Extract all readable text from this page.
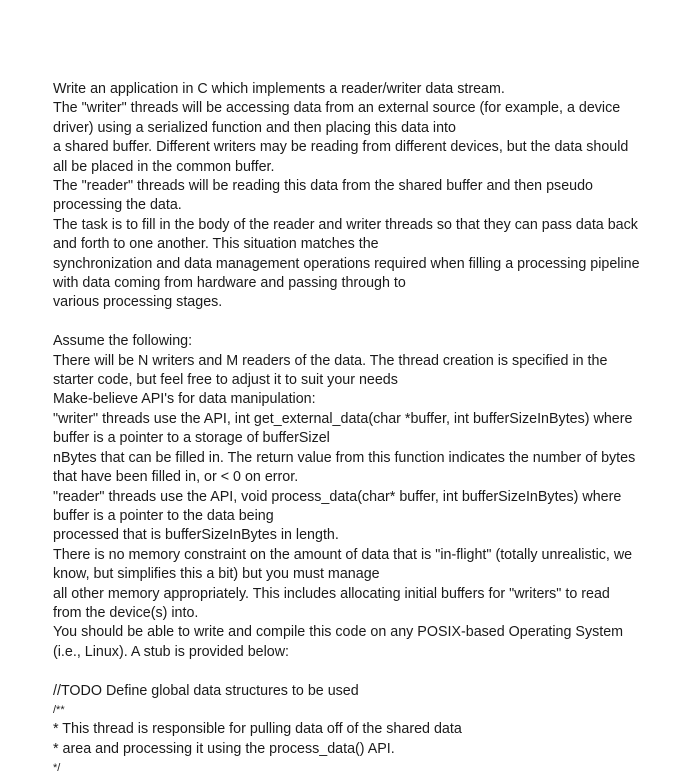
Write an application in C which implements a reader/writer data stream.
The "writer" threads will be accessing data from an external source (for example, a device
driver) using a serialized function and then placing this data into
a shared buffer. Different writers may be reading from different devices, but the data should
all be placed in the common buffer.
The "reader" threads will be reading this data from the shared buffer and then pseudo
processing the data.
The task is to fill in the body of the reader and writer threads so that they can pass data back
and forth to one another. This situation matches the
synchronization and data management operations required when filling a processing pipeline
with data coming from hardware and passing through to
various processing stages.
Assume the following:
There will be N writers and M readers of the data. The thread creation is specified in the
starter code, but feel free to adjust it to suit your needs
Make-believe API's for data manipulation:
"writer" threads use the API, int get_external_data(char *buffer, int bufferSizeInBytes) where
buffer is a pointer to a storage of bufferSizel
nBytes that can be filled in. The return value from this function indicates the number of bytes
that have been filled in, or < 0 on error.
"reader" threads use the API, void process_data(char* buffer, int bufferSizeInBytes) where
buffer is a pointer to the data being
processed that is bufferSizeInBytes in length.
There is no memory constraint on the amount of data that is "in-flight" (totally unrealistic, we
know, but simplifies this a bit) but you must manage
all other memory appropriately. This includes allocating initial buffers for "writers" to read
from the device(s) into.
You should be able to write and compile this code on any POSIX-based Operating System
(i.e., Linux). A stub is provided below:
//TODO Define global data structures to be used
/**
* This thread is responsible for pulling data off of the shared data
* area and processing it using the process_data() API.
*/
